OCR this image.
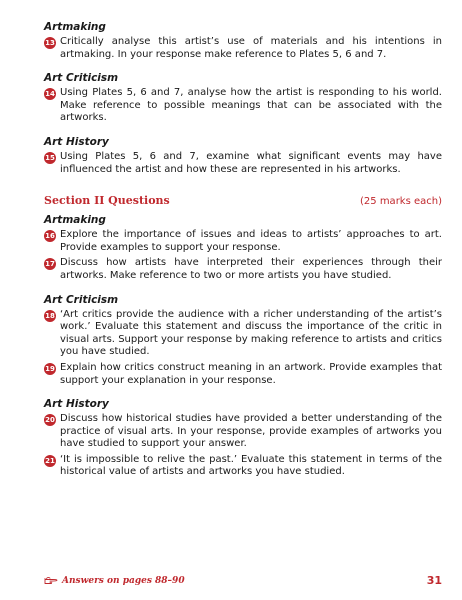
Artmaking
13 Critically analyse this artist’s use of materials and his intentions in artmaking. In your response make reference to Plates 5, 6 and 7.
Art Criticism
14 Using Plates 5, 6 and 7, analyse how the artist is responding to his world. Make reference to possible meanings that can be associated with the artworks.
Art History
15 Using Plates 5, 6 and 7, examine what significant events may have influenced the artist and how these are represented in his artworks.
Section II Questions	(25 marks each)
Artmaking
16 Explore the importance of issues and ideas to artists’ approaches to art. Provide examples to support your response.
17 Discuss how artists have interpreted their experiences through their artworks. Make reference to two or more artists you have studied.
Art Criticism
18 ‘Art critics provide the audience with a richer understanding of the artist’s work.’ Evaluate this statement and discuss the importance of the critic in visual arts. Support your response by making reference to artists and critics you have studied.
19 Explain how critics construct meaning in an artwork. Provide examples that support your explanation in your response.
Art History
20 Discuss how historical studies have provided a better understanding of the practice of visual arts. In your response, provide examples of artworks you have studied to support your answer.
21 ‘It is impossible to relive the past.’ Evaluate this statement in terms of the historical value of artists and artworks you have studied.
Answers on pages 88–90	31
